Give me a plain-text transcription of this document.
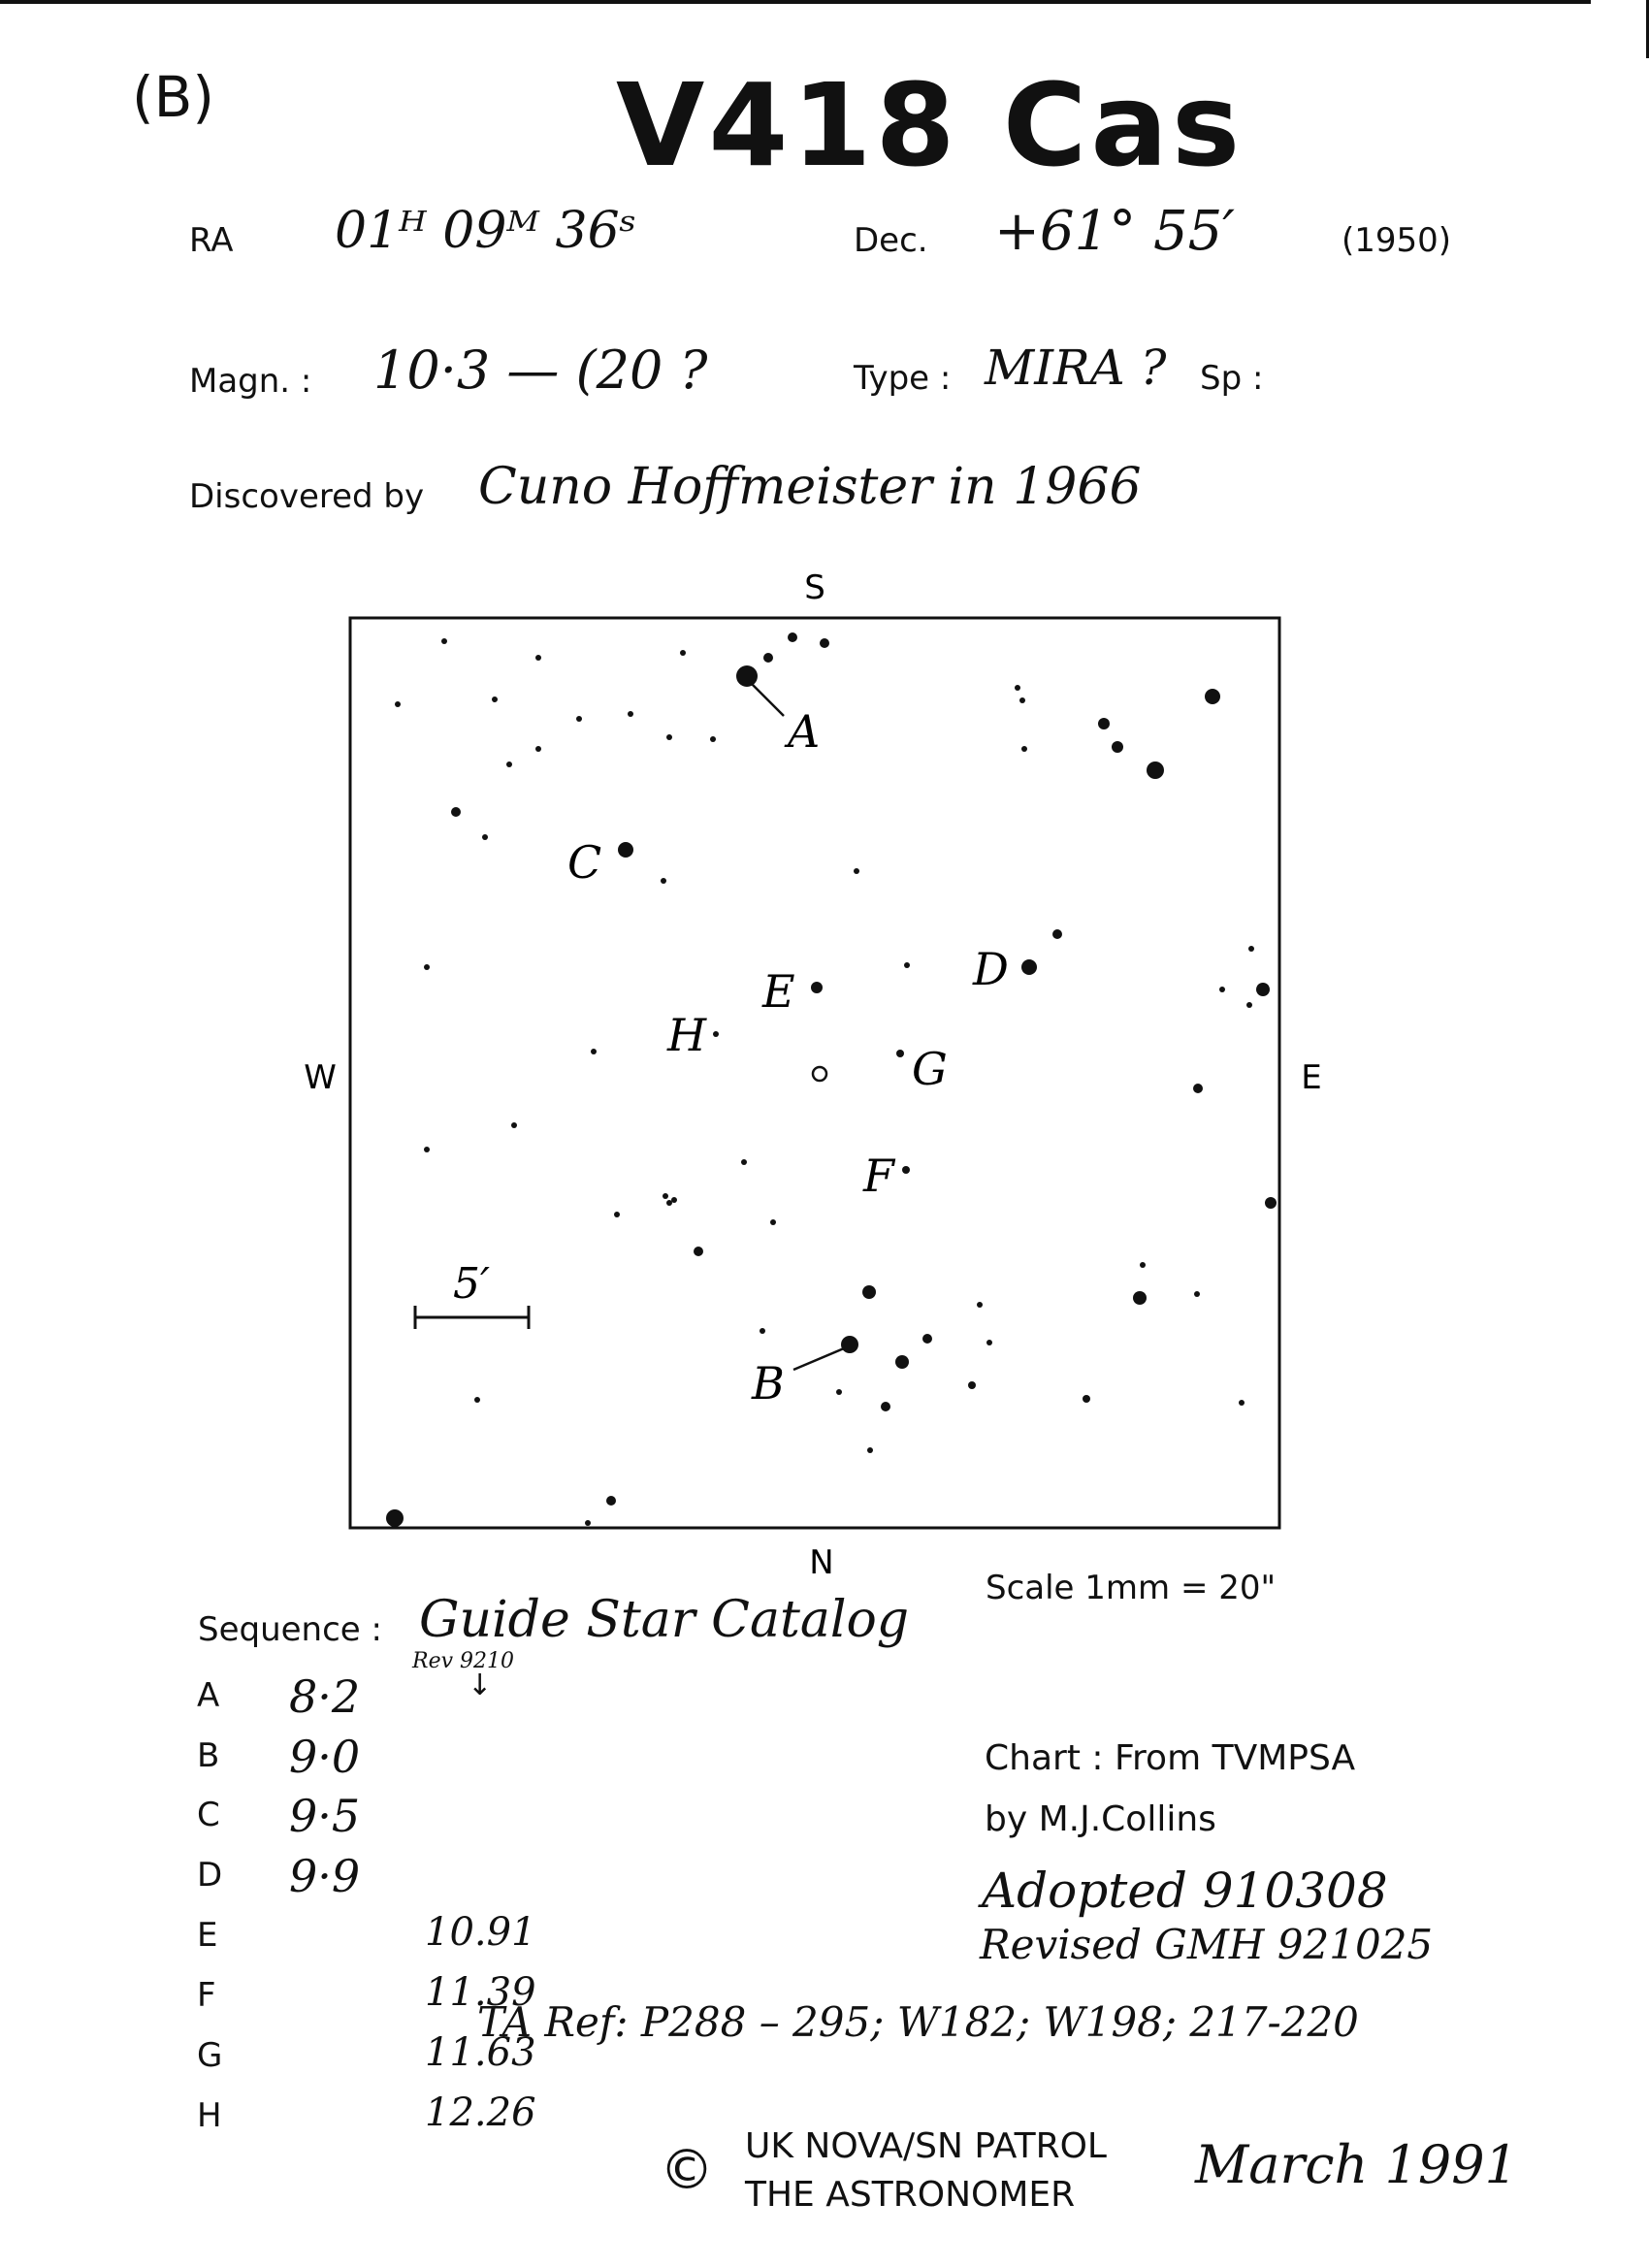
(B)	V418 Cas
RA 01ᴴ 09ᴹ 36ˢ	Dec. +61° 55′	(1950)
Magn. : 10·3 — (20 ?	Type : MIRA ? Sp :
Discovered by Cuno Hoffmeister in 1966
S
N
W	E
A
B
C
D
E
F
G
H
5′
Scale 1mm = 20"
Sequence : Guide Star Catalog
Rev 9210
↓
A 8·2
B 9·0
C 9·5
D 9·9
E	10.91
F	11.39
G	11.63
H	12.26
Chart : From TVMPSA
by M.J.Collins
Adopted 910308
Revised GMH 921025
TA Ref: P288 – 295; W182; W198; 217-220
© UK NOVA/SN PATROL
THE ASTRONOMER March 1991
